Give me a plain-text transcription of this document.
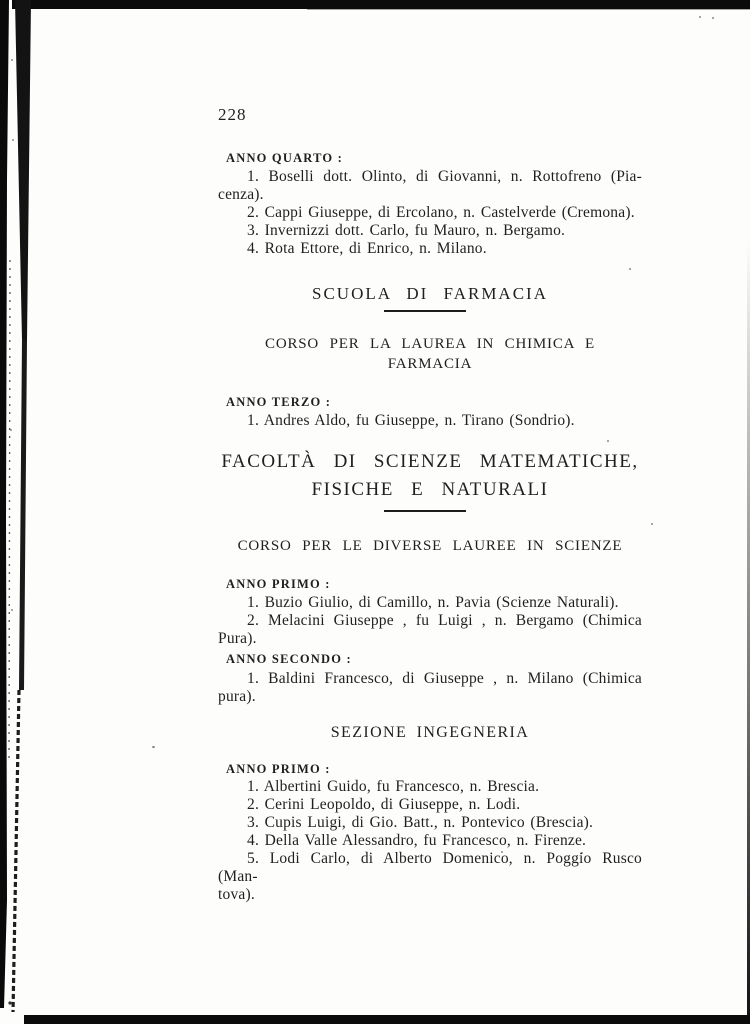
228
ANNO QUARTO :
1. Boselli dott. Olinto, di Giovanni, n. Rottofreno (Pia-
cenza).
2. Cappi Giuseppe, di Ercolano, n. Castelverde (Cremona).
3. Invernizzi dott. Carlo, fu Mauro, n. Bergamo.
4. Rota Ettore, di Enrico, n. Milano.
SCUOLA DI FARMACIA
CORSO PER LA LAUREA IN CHIMICA E FARMACIA
ANNO TERZO :
1. Andres Aldo, fu Giuseppe, n. Tirano (Sondrio).
FACOLTÀ DI SCIENZE MATEMATICHE,
FISICHE E NATURALI
CORSO PER LE DIVERSE LAUREE IN SCIENZE
ANNO PRIMO :
1. Buzio Giulio, di Camillo, n. Pavia (Scienze Naturali).
2. Melacini Giuseppe , fu Luigi , n. Bergamo (Chimica
Pura).
ANNO SECONDO :
1. Baldini Francesco, di Giuseppe , n. Milano (Chimica
pura).
SEZIONE INGEGNERIA
ANNO PRIMO :
1. Albertini Guido, fu Francesco, n. Brescia.
2. Cerini Leopoldo, di Giuseppe, n. Lodi.
3. Cupis Luigi, di Gio. Batt., n. Pontevico (Brescia).
4. Della Valle Alessandro, fu Francesco, n. Firenze.
5. Lodi Carlo, di Alberto Domenico, n. Poggio Rusco (Man-
tova).
